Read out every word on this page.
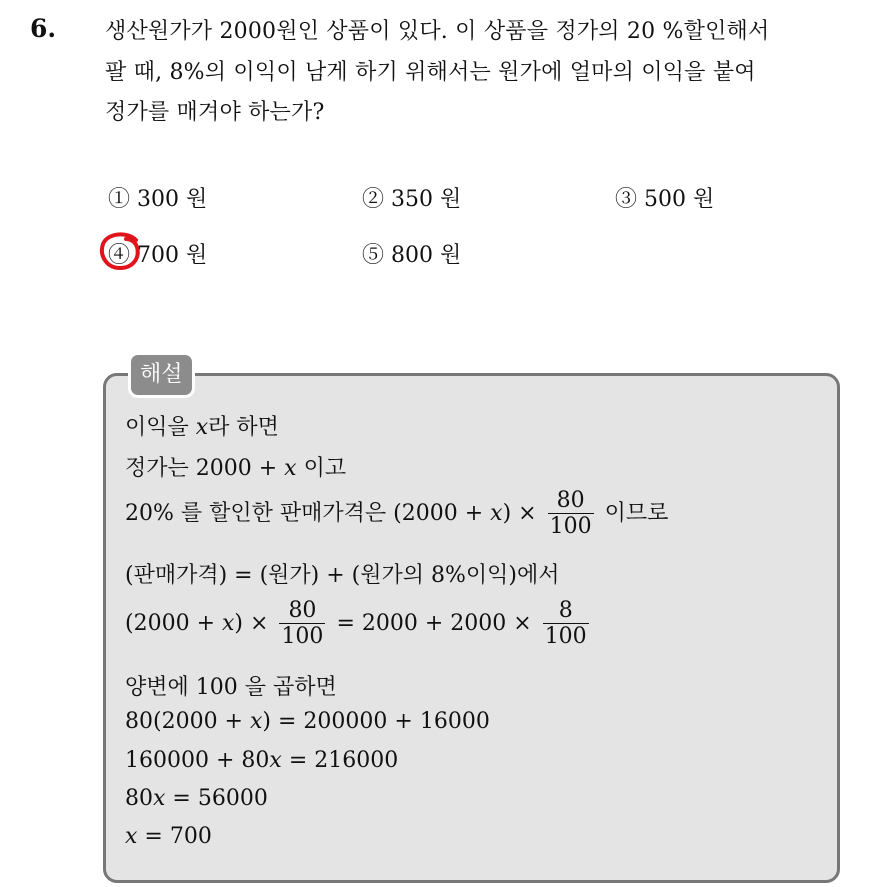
6. 생산원가가 2000원인 상품이 있다. 이 상품을 정가의 20 %할인해서
팔 때, 8%의 이익이 남게 하기 위해서는 원가에 얼마의 이익을 붙여
정가를 매겨야 하는가?
① 300 원	② 350 원	③ 500 원
④ 700 원	⑤ 800 원
해설
이익을 x라 하면
정가는 2000 + x 이고
20% 를 할인한 판매가격은 $(2000 + x) \times \frac{80}{100}$ 이므로
(판매가격) = (원가) + (원가의 8%이익)에서
$(2000 + x) \times \frac{80}{100} = 2000 + 2000 \times \frac{8}{100}$
양변에 100 을 곱하면
80(2000 + x) = 200000 + 16000
160000 + 80x = 216000
80x = 56000
x = 700
